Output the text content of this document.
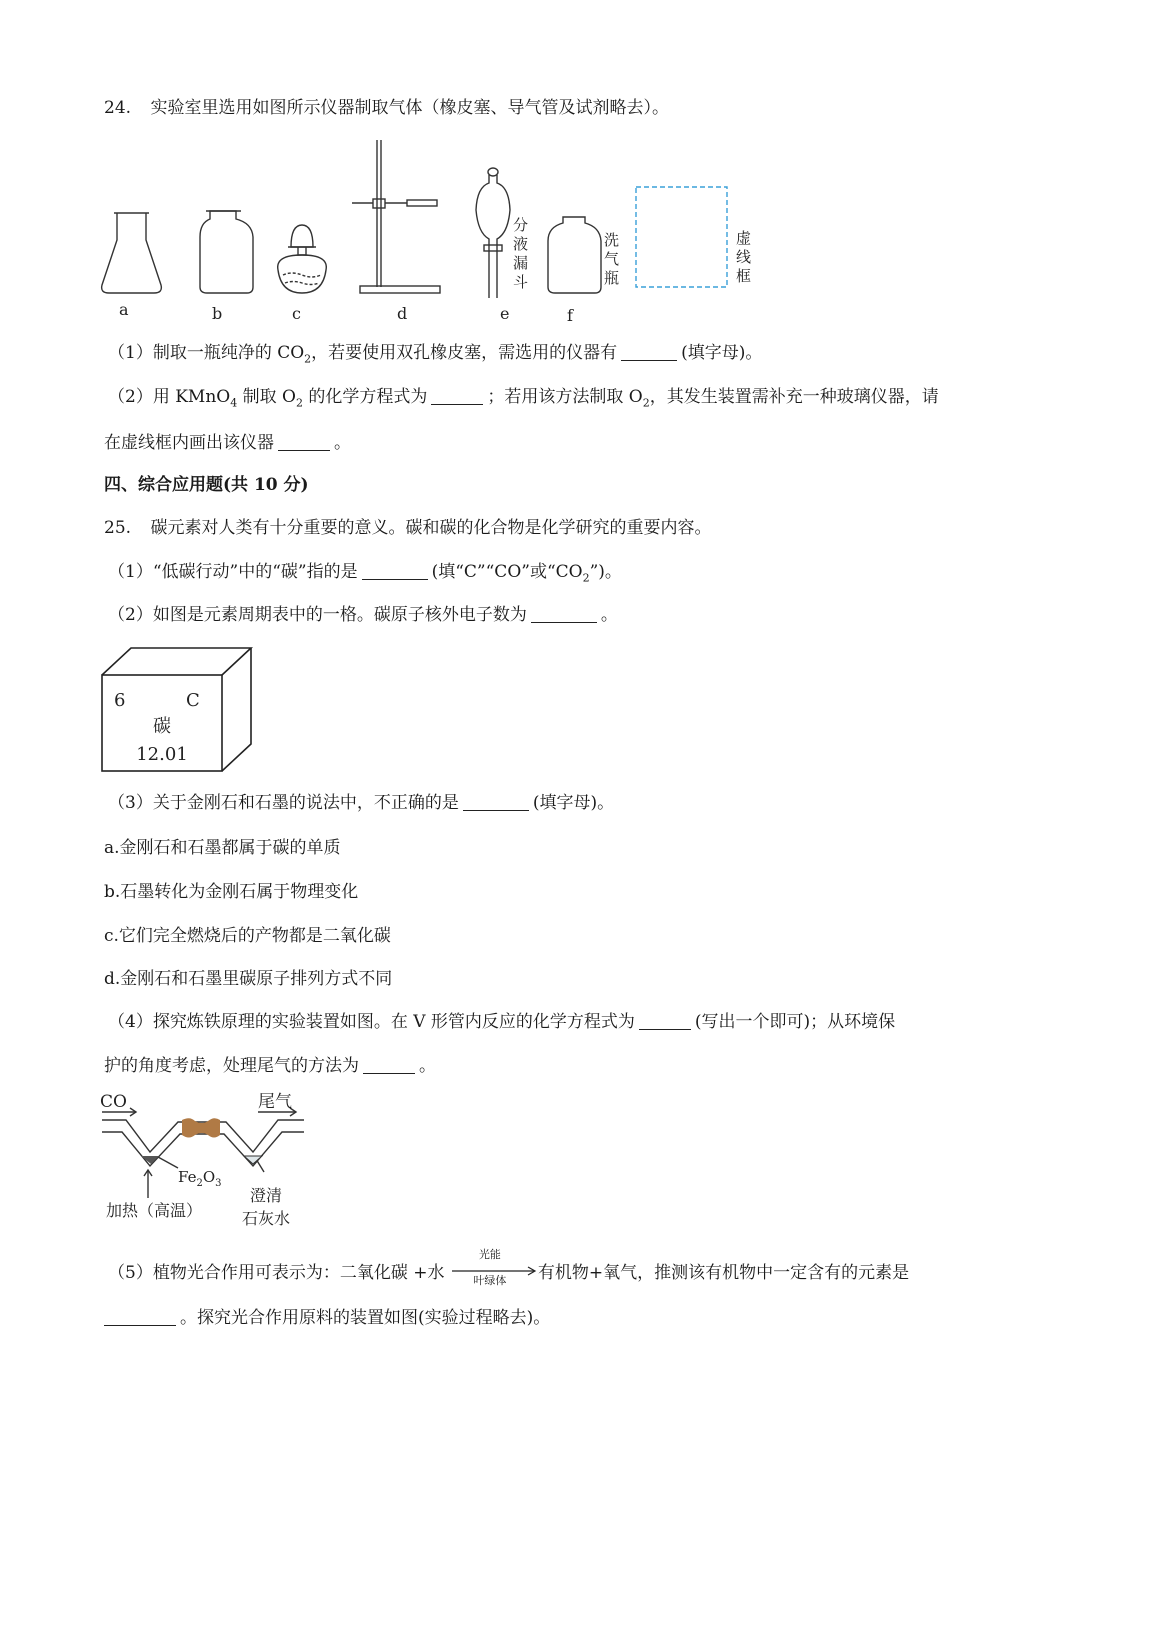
24. 实验室里选用如图所示仪器制取气体（橡皮塞、导气管及试剂略去）。
分
液
漏
斗
洗
气
瓶
虚
线
框
a	b	c	d	e	f
（1）制取一瓶纯净的 $CO_2$，若要使用双孔橡皮塞，需选用的仪器有	(填字母)。
（2）用 KMnO$_4$ 制取 $O_2$ 的化学方程式为	；若用该方法制取 $O_2$，其发生装置需补充一种玻璃仪器，请
在虚线框内画出该仪器	。
四、综合应用题(共 10 分)
25. 碳元素对人类有十分重要的意义。碳和碳的化合物是化学研究的重要内容。
（1）“低碳行动”中的“碳”指的是	(填“C”“CO”或“$CO_2$”)。
（2）如图是元素周期表中的一格。碳原子核外电子数为	。
6	C
碳
12.01
（3）关于金刚石和石墨的说法中，不正确的是	(填字母)。
a.金刚石和石墨都属于碳的单质
b.石墨转化为金刚石属于物理变化
c.它们完全燃烧后的产物都是二氧化碳
d.金刚石和石墨里碳原子排列方式不同
（4）探究炼铁原理的实验装置如图。在 V 形管内反应的化学方程式为	(写出一个即可)；从环境保
护的角度考虑，处理尾气的方法为	。
CO	尾气
$Fe_2O_3$
加热（高温）
澄清
石灰水
（5）植物光合作用可表示为：二氧化碳 +水
光能
叶绿体	有机物+氧气，推测该有机物中一定含有的元素是
。探究光合作用原料的装置如图(实验过程略去)。
